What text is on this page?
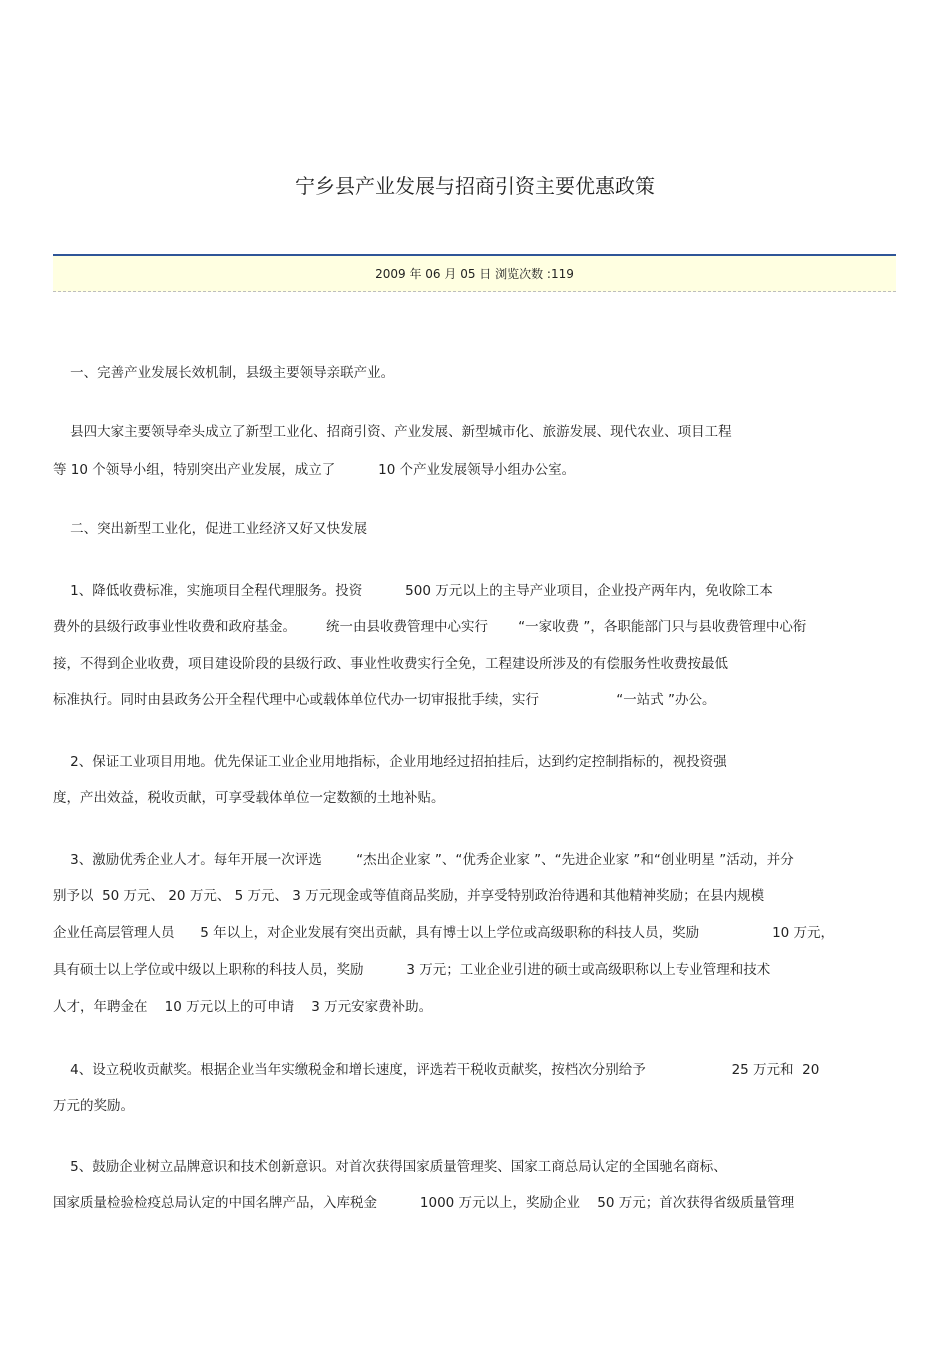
宁乡县产业发展与招商引资主要优惠政策
2009 年 06 月 05 日 浏览次数 :119
一、完善产业发展长效机制，县级主要领导亲联产业。
县四大家主要领导牵头成立了新型工业化、招商引资、产业发展、新型城市化、旅游发展、现代农业、项目工程
等 10 个领导小组，特别突出产业发展，成立了          10 个产业发展领导小组办公室。
二、突出新型工业化，促进工业经济又好又快发展
1、降低收费标准，实施项目全程代理服务。投资          500 万元以上的主导产业项目，企业投产两年内，免收除工本
费外的县级行政事业性收费和政府基金。       统一由县收费管理中心实行       “一家收费 ”，各职能部门只与县收费管理中心衔
接，不得到企业收费，项目建设阶段的县级行政、事业性收费实行全免，工程建设所涉及的有偿服务性收费按最低
标准执行。同时由县政务公开全程代理中心或载体单位代办一切审报批手续，实行                  “一站式 ”办公。
2、保证工业项目用地。优先保证工业企业用地指标，企业用地经过招拍挂后，达到约定控制指标的，视投资强
度，产出效益，税收贡献，可享受载体单位一定数额的土地补贴。
3、激励优秀企业人才。每年开展一次评选        “杰出企业家 ”、“优秀企业家 ”、“先进企业家 ”和“创业明星 ”活动，并分
别予以  50 万元、 20 万元、 5 万元、 3 万元现金或等值商品奖励，并享受特别政治待遇和其他精神奖励；在县内规模
企业任高层管理人员      5 年以上，对企业发展有突出贡献，具有博士以上学位或高级职称的科技人员，奖励                 10 万元，
具有硕士以上学位或中级以上职称的科技人员，奖励          3 万元；工业企业引进的硕士或高级职称以上专业管理和技术
人才，年聘金在    10 万元以上的可申请    3 万元安家费补助。
4、设立税收贡献奖。根据企业当年实缴税金和增长速度，评选若干税收贡献奖，按档次分别给予                    25 万元和  20
万元的奖励。
5、鼓励企业树立品牌意识和技术创新意识。对首次获得国家质量管理奖、国家工商总局认定的全国驰名商标、
国家质量检验检疫总局认定的中国名牌产品，入库税金          1000 万元以上，奖励企业    50 万元；首次获得省级质量管理
